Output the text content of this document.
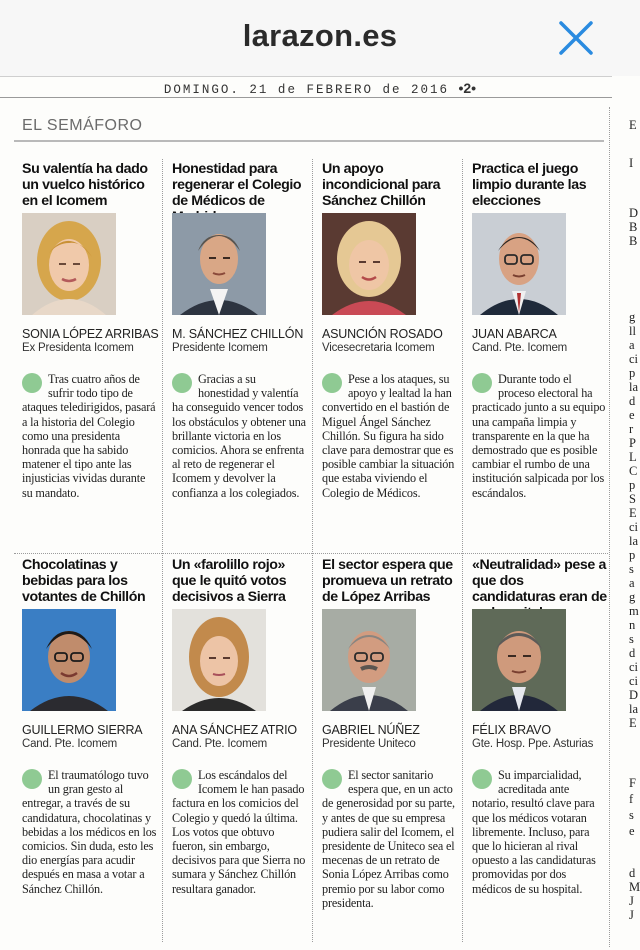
larazon.es
DOMINGO. 21 de FEBRERO de 2016 •2•
EL SEMÁFORO
Su valentía ha dado un vuelco histórico en el Icomem
SONIA LÓPEZ ARRIBAS
Ex Presidenta Icomem
Tras cuatro años de sufrir todo tipo de ataques teledirigidos, pasará a la historia del Colegio como una presidenta honrada que ha sabido matener el tipo ante las injusticias vividas durante su mandato.
Honestidad para regenerar el Colegio de Médicos de
M. SÁNCHEZ CHILLÓN
Presidente Icomem
Gracias a su honestidad y valentía ha conseguido vencer todos los obstáculos y obtener una brillante victoria en los comicios. Ahora se enfrenta al reto de regenerar el Icomem y devolver la confianza a los colegiados.
Un apoyo incondicional para Sánchez Chillón
ASUNCIÓN ROSADO
Vicesecretaria Icomem
Pese a los ataques, su apoyo y lealtad la han convertido en el bastión de Miguel Ángel Sánchez Chillón. Su figura ha sido clave para demostrar que es posible cambiar la situación que estaba viviendo el Colegio de Médicos.
Practica el juego limpio durante las elecciones
JUAN ABARCA
Cand. Pte. Icomem
Durante todo el proceso electoral ha practicado junto a su equipo una campaña limpia y transparente en la que ha demostrado que es posible cambiar el rumbo de una institución salpicada por los escándalos.
Chocolatinas y bebidas para los votantes de Chillón
GUILLERMO SIERRA
Cand. Pte. Icomem
El traumatólogo tuvo un gran gesto al entregar, a través de su candidatura, chocolatinas y bebidas a los médicos en los comicios. Sin duda, esto les dio energías para acudir después en masa a votar a Sánchez Chillón.
Un «farolillo rojo» que le quitó votos decisivos a Sierra
ANA SÁNCHEZ ATRIO
Cand. Pte. Icomem
Los escándalos del Icomem le han pasado factura en los comicios del Colegio y quedó la última. Los votos que obtuvo fueron, sin embargo, decisivos para que Sierra no sumara y Sánchez Chillón resultara ganador.
El sector espera que promueva un retrato de López Arribas
GABRIEL NÚÑEZ
Presidente Uniteco
El sector sanitario espera que, en un acto de generosidad por su parte, y antes de que su empresa pudiera salir del Icomem, el presidente de Uniteco sea el mecenas de un retrato de Sonia López Arribas como premio por su labor como presidenta.
«Neutralidad» pese a que dos candidaturas eran de
FÉLIX BRAVO
Gte. Hosp. Ppe. Asturias
Su imparcialidad, acreditada ante notario, resultó clave para que los médicos votaran libremente. Incluso, para que lo hicieran al rival opuesto a las candidaturas promovidas por dos médicos de su hospital.
E
I
D
B
B
g
ll
a
ci
p
la
d
e
r
P
L
C
p
S
E
ci
la
p
s
a
g
m
n
s
d
ci
ci
D
la
E
F
f
s
e
d
M
J
J
